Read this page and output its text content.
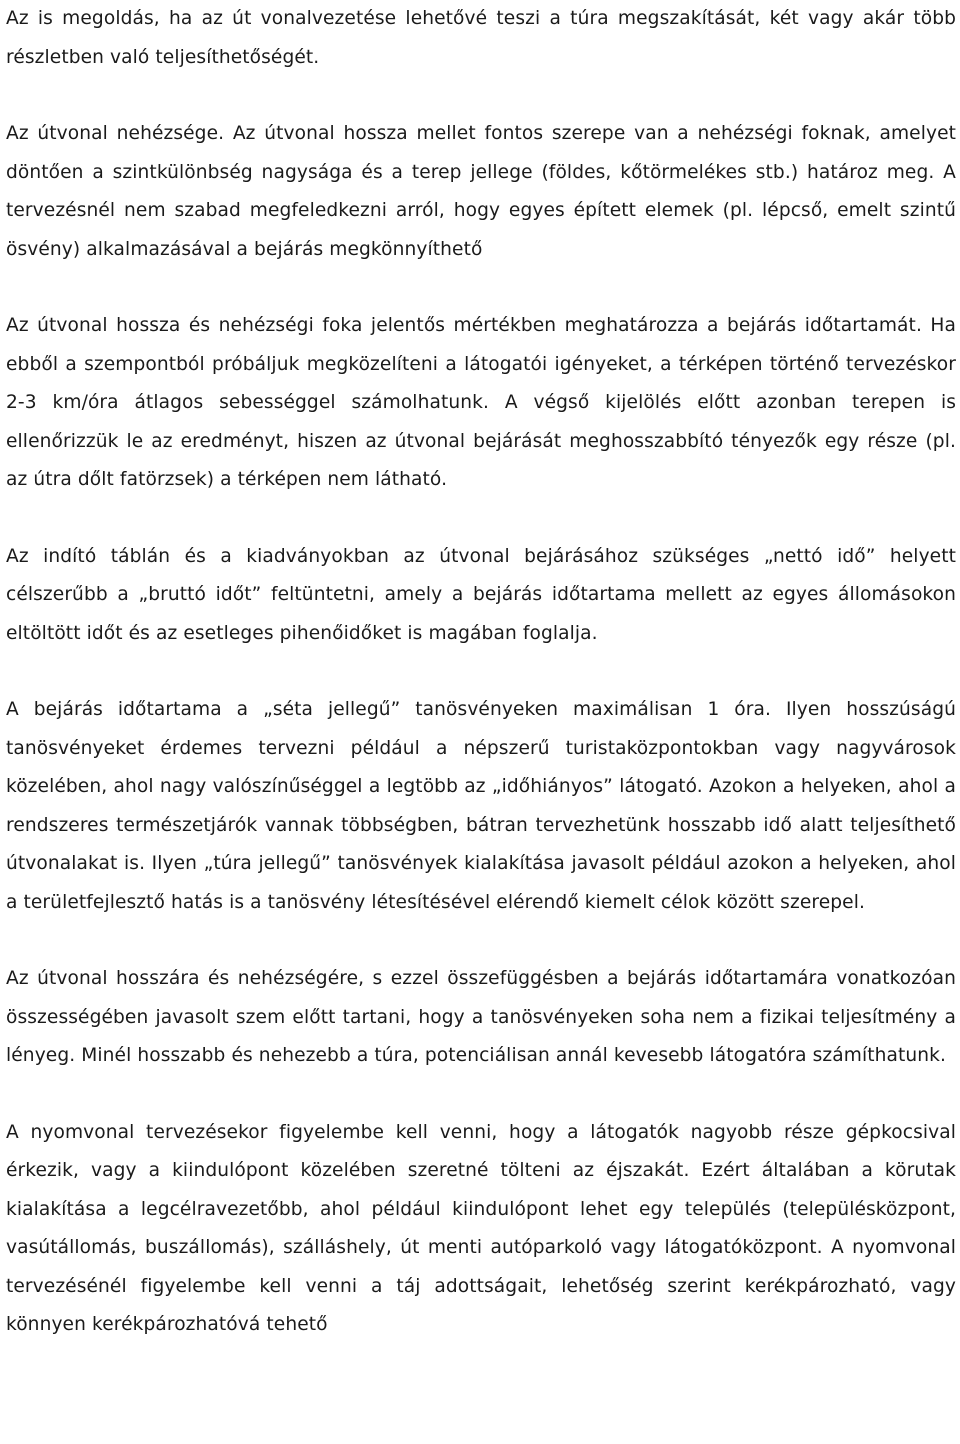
Az is megoldás, ha az út vonalvezetése lehetővé teszi a túra megszakítását, két vagy akár több részletben való teljesíthetőségét.

Az útvonal nehézsége. Az útvonal hossza mellet fontos szerepe van a nehézségi foknak, amelyet döntően a szintkülönbség nagysága és a terep jellege (földes, kőtörmelékes stb.) határoz meg. A tervezésnél nem szabad megfeledkezni arról, hogy egyes épített elemek (pl. lépcső, emelt szintű ösvény) alkalmazásával a bejárás megkönnyíthető

Az útvonal hossza és nehézségi foka jelentős mértékben meghatározza a bejárás időtartamát. Ha ebből a szempontból próbáljuk megközelíteni a látogatói igényeket, a térképen történő tervezéskor 2-3 km/óra átlagos sebességgel számolhatunk. A végső kijelölés előtt azonban terepen is ellenőrizzük le az eredményt, hiszen az útvonal bejárását meghosszabbító tényezők egy része (pl. az útra dőlt fatörzsek) a térképen nem látható.

Az indító táblán és a kiadványokban az útvonal bejárásához szükséges „nettó idő” helyett célszerűbb a „bruttó időt” feltüntetni, amely a bejárás időtartama mellett az egyes állomásokon eltöltött időt és az esetleges pihenőidőket is magában foglalja.

A bejárás időtartama a „séta jellegű” tanösvényeken maximálisan 1 óra. Ilyen hosszúságú tanösvényeket érdemes tervezni például a népszerű turistaközpontokban vagy nagyvárosok közelében, ahol nagy valószínűséggel a legtöbb az „időhiányos” látogató. Azokon a helyeken, ahol a rendszeres természetjárók vannak többségben, bátran tervezhetünk hosszabb idő alatt teljesíthető útvonalakat is. Ilyen „túra jellegű” tanösvények kialakítása javasolt például azokon a helyeken, ahol a területfejlesztő hatás is a tanösvény létesítésével elérendő kiemelt célok között szerepel.

Az útvonal hosszára és nehézségére, s ezzel összefüggésben a bejárás időtartamára vonatkozóan összességében javasolt szem előtt tartani, hogy a tanösvényeken soha nem a fizikai teljesítmény a lényeg. Minél hosszabb és nehezebb a túra, potenciálisan annál kevesebb látogatóra számíthatunk.

A nyomvonal tervezésekor figyelembe kell venni, hogy a látogatók nagyobb része gépkocsival érkezik, vagy a kiindulópont közelében szeretné tölteni az éjszakát. Ezért általában a körutak kialakítása a legcélravezetőbb, ahol például kiindulópont lehet egy település (településközpont, vasútállomás, buszállomás), szálláshely, út menti autóparkoló vagy látogatóközpont. A nyomvonal tervezésénél figyelembe kell venni a táj adottságait, lehetőség szerint kerékpározható, vagy könnyen kerékpározhatóvá tehető
